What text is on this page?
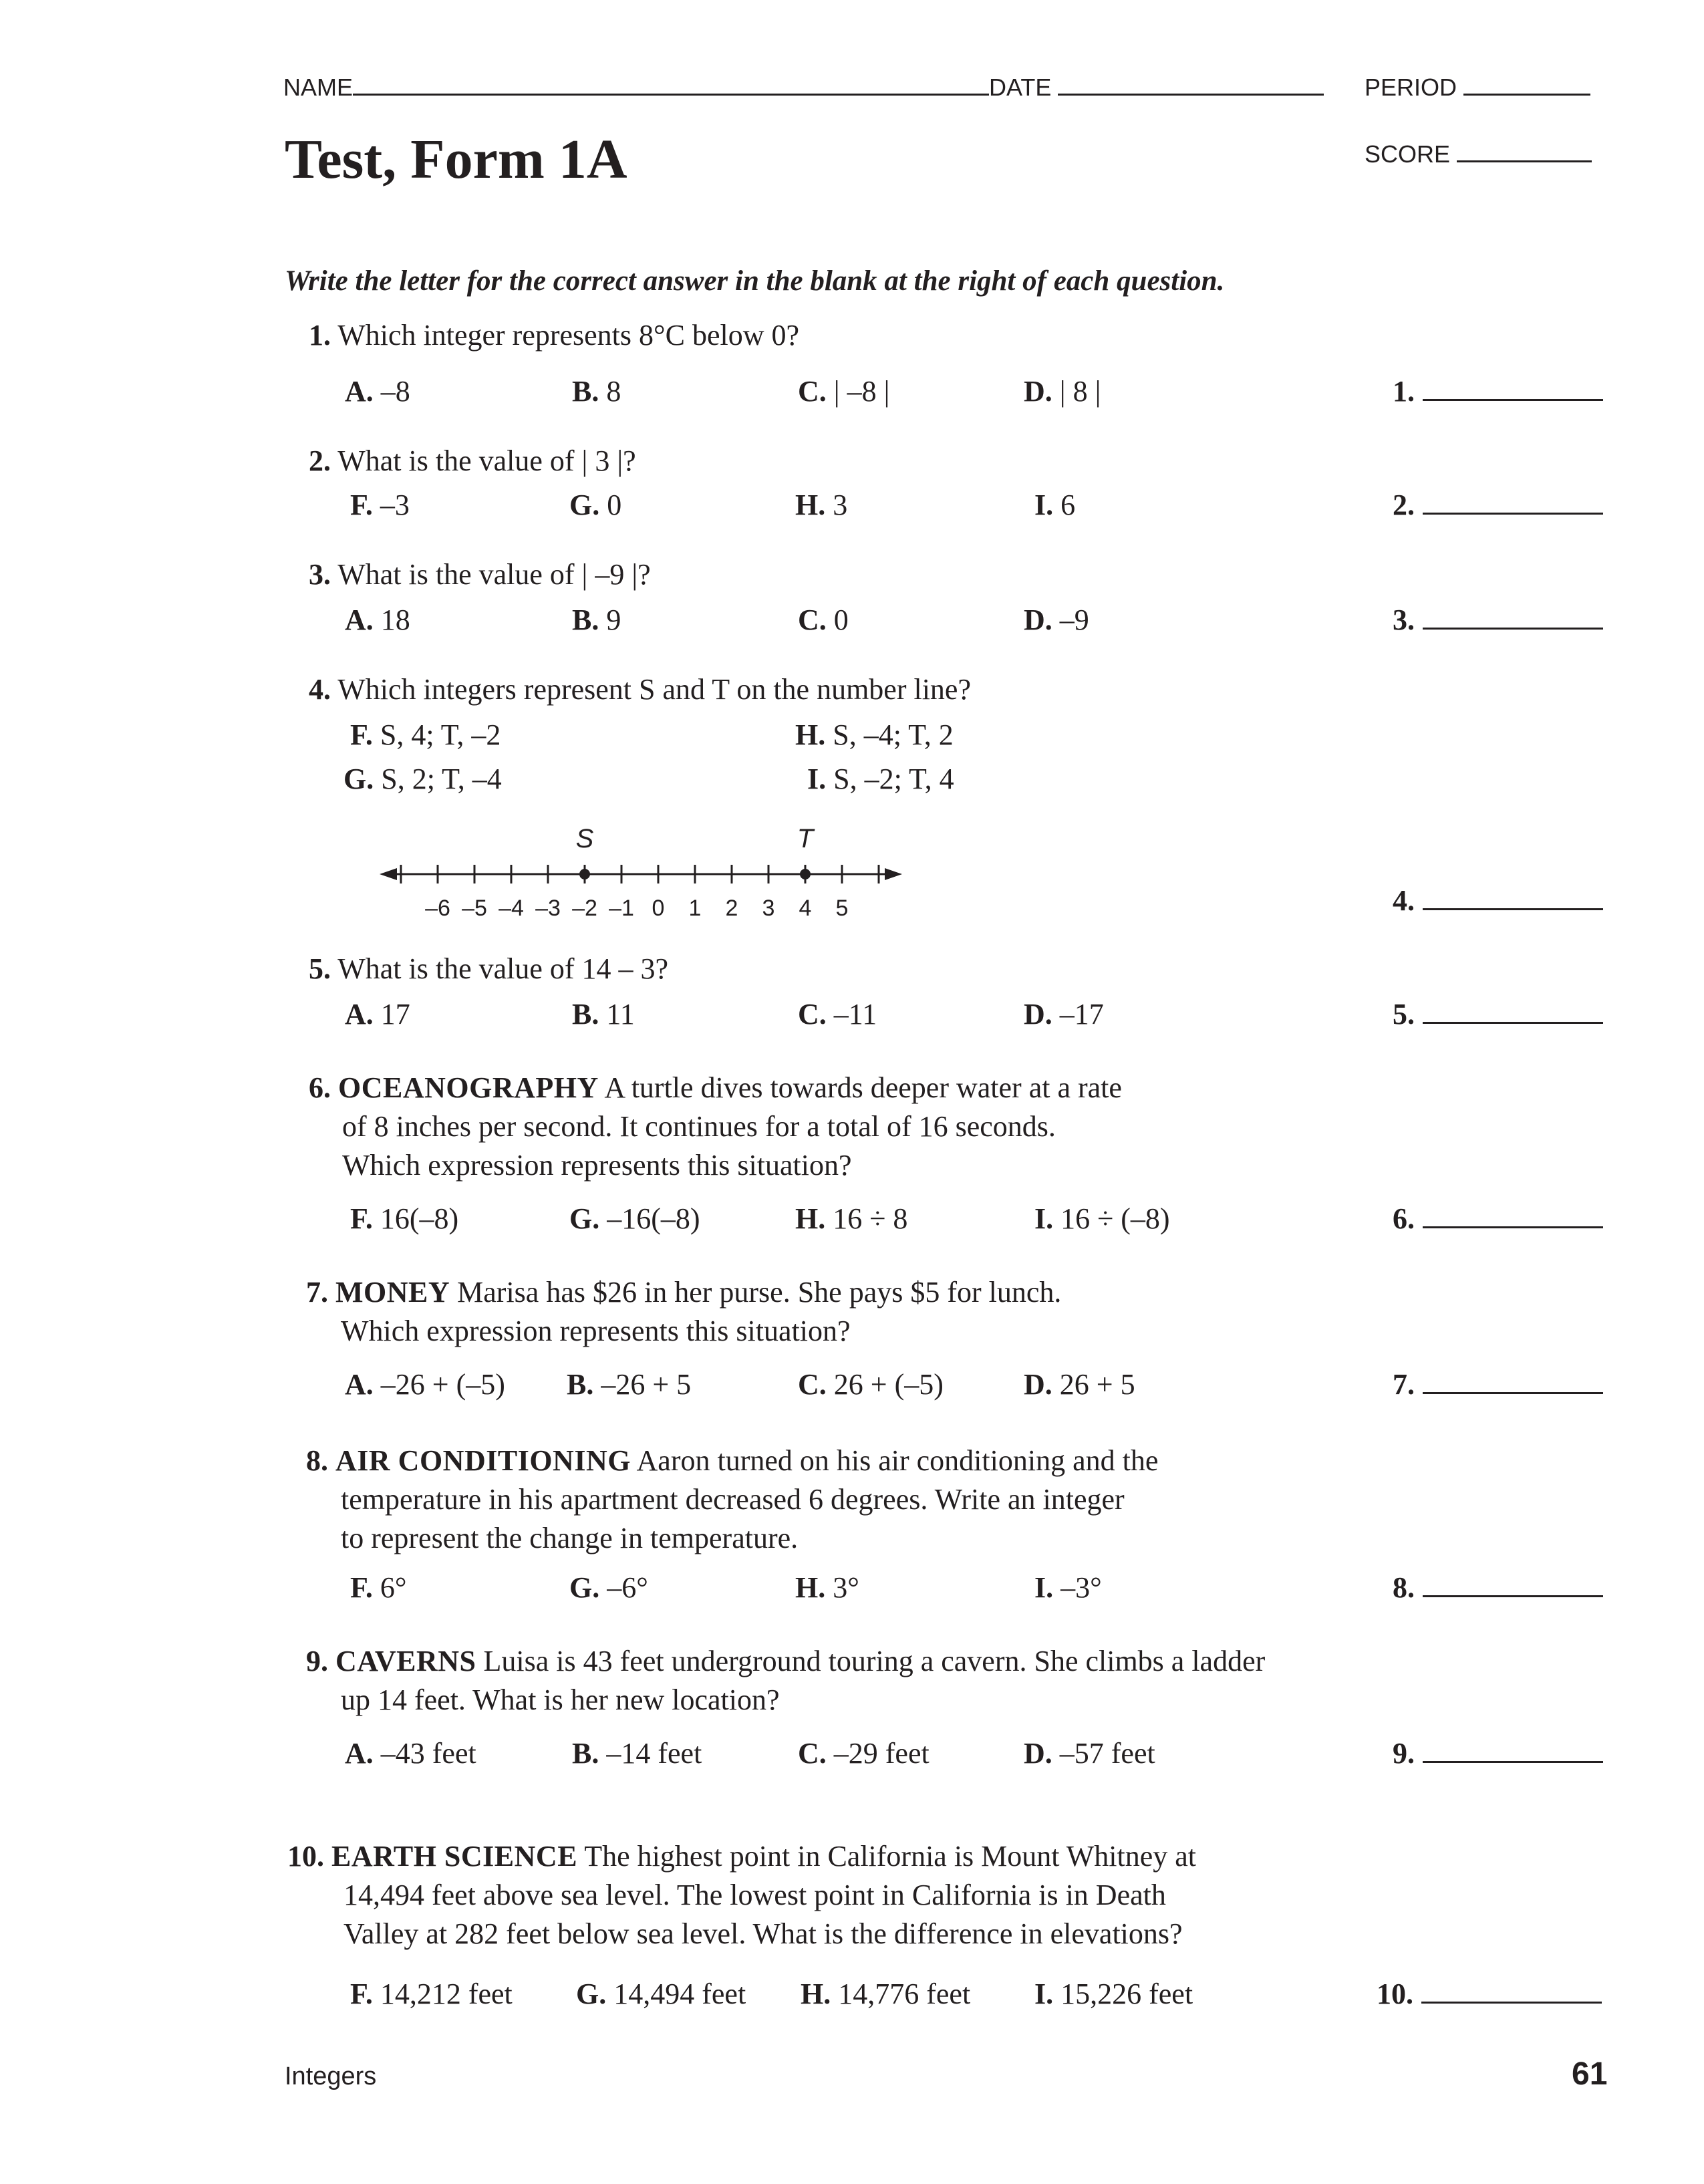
NAME	DATE	PERIOD
SCORE
Test, Form 1A
Write the letter for the correct answer in the blank at the right of each question.
1. Which integer represents 8°C below 0?
A. –8	B. 8	C. | –8 |	D. | 8 |
2. What is the value of | 3 |?
F. –3	G. 0	H. 3	I. 6
3. What is the value of | –9 |?
A. 18	B. 9	C. 0	D. –9
4. Which integers represent S and T on the number line?
F. S, 4; T, –2	H. S, –4; T, 2
G. S, 2; T, –4	I. S, –2; T, 4
–6 –5 –4 –3 –2 –1 0 1 2 3 4 5
S	T
5. What is the value of 14 – 3?
A. 17	B. 11	C. –11	D. –17
6. OCEANOGRAPHY A turtle dives towards deeper water at a rate
of 8 inches per second. It continues for a total of 16 seconds.
Which expression represents this situation?
F. 16(–8)	G. –16(–8)	H. 16 ÷ 8	I. 16 ÷ (–8)
7. MONEY Marisa has $26 in her purse. She pays $5 for lunch.
Which expression represents this situation?
A. –26 + (–5) B. –26 + 5	C. 26 + (–5)	D. 26 + 5
8. AIR CONDITIONING Aaron turned on his air conditioning and the
temperature in his apartment decreased 6 degrees. Write an integer
to represent the change in temperature.
F. 6°	G. –6°	H. 3°	I. –3°
9. CAVERNS Luisa is 43 feet underground touring a cavern. She climbs a ladder
up 14 feet. What is her new location?
A. –43 feet	B. –14 feet	C. –29 feet	D. –57 feet
10. EARTH SCIENCE The highest point in California is Mount Whitney at
14,494 feet above sea level. The lowest point in California is in Death
Valley at 282 feet below sea level. What is the difference in elevations?
F. 14,212 feet G. 14,494 feet H. 14,776 feet I. 15,226 feet
1.
2.
3.
4.
5.
6.
7.
8.
9.
10.
Integers	61
